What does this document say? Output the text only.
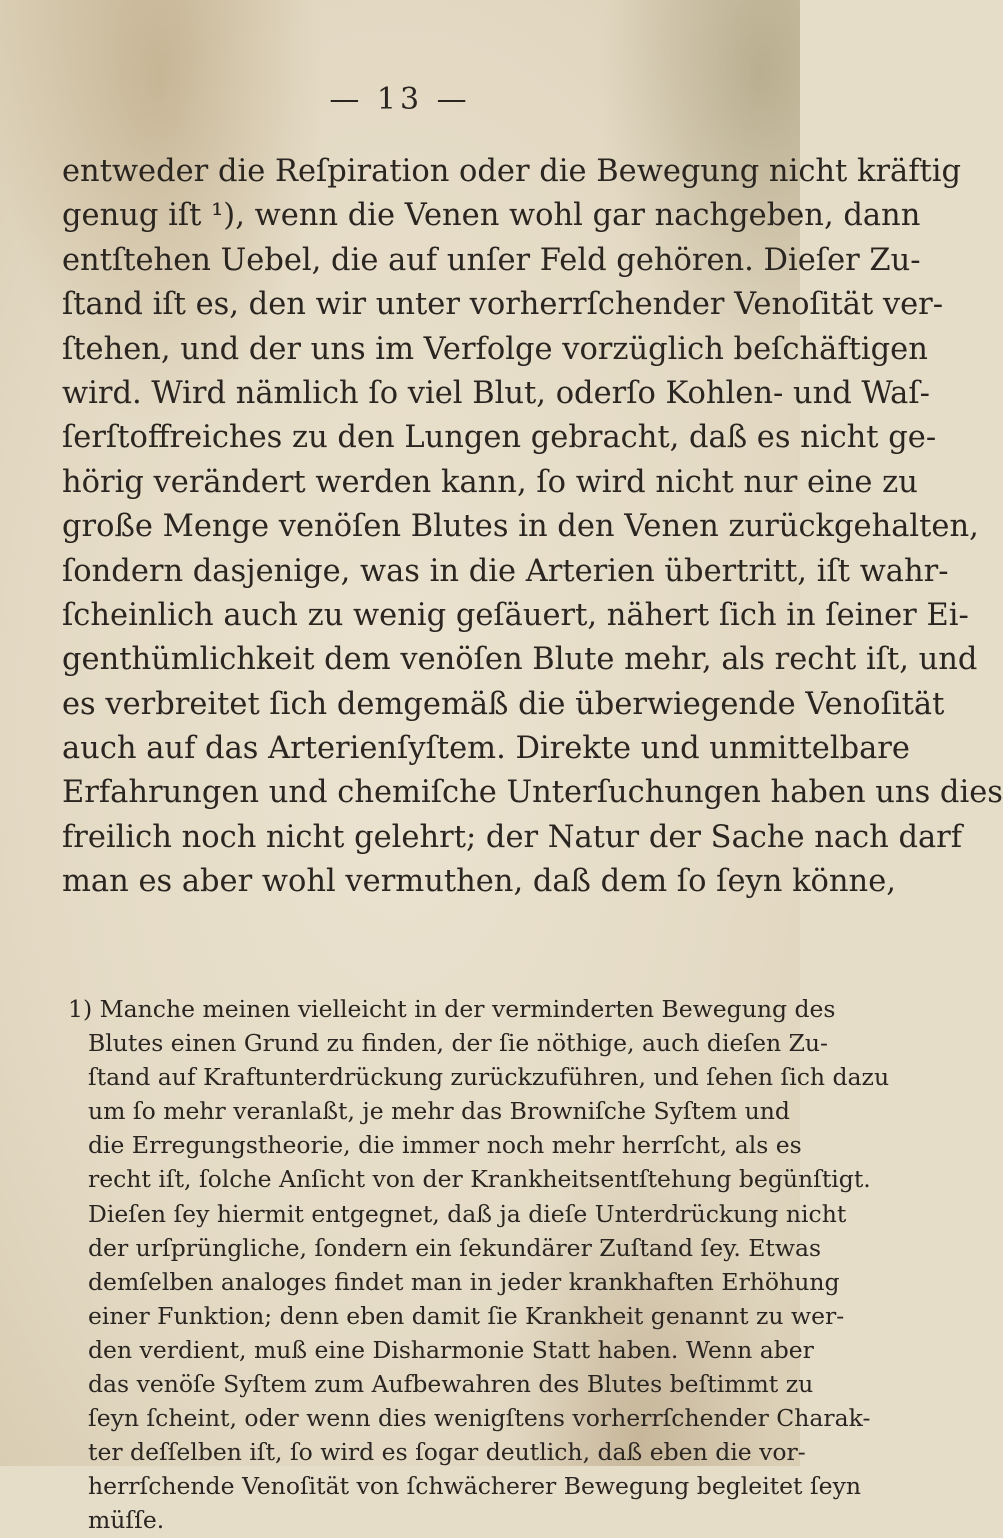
— 13 —
entweder die Reſpiration oder die Bewegung nicht kräftig
genug iſt ¹), wenn die Venen wohl gar nachgeben, dann
entſtehen Uebel, die auf unſer Feld gehören. Dieſer Zu-
ſtand iſt es, den wir unter vorherrſchender Venoſität ver-
ſtehen, und der uns im Verfolge vorzüglich beſchäftigen
wird. Wird nämlich ſo viel Blut, oderſo Kohlen- und Waſ-
ſerſtoffreiches zu den Lungen gebracht, daß es nicht ge-
hörig verändert werden kann, ſo wird nicht nur eine zu
große Menge venöſen Blutes in den Venen zurückgehalten,
ſondern dasjenige, was in die Arterien übertritt, iſt wahr-
ſcheinlich auch zu wenig geſäuert, nähert ſich in ſeiner Ei-
genthümlichkeit dem venöſen Blute mehr, als recht iſt, und
es verbreitet ſich demgemäß die überwiegende Venoſität
auch auf das Arterienſyſtem. Direkte und unmittelbare
Erfahrungen und chemiſche Unterſuchungen haben uns dies
freilich noch nicht gelehrt; der Natur der Sache nach darf
man es aber wohl vermuthen, daß dem ſo ſeyn könne,
1) Manche meinen vielleicht in der verminderten Bewegung des
Blutes einen Grund zu finden, der ſie nöthige, auch dieſen Zu-
ſtand auf Kraftunterdrückung zurückzuführen, und ſehen ſich dazu
um ſo mehr veranlaßt, je mehr das Browniſche Syſtem und
die Erregungstheorie, die immer noch mehr herrſcht, als es
recht iſt, ſolche Anſicht von der Krankheitsentſtehung begünſtigt.
Dieſen ſey hiermit entgegnet, daß ja dieſe Unterdrückung nicht
der urſprüngliche, ſondern ein ſekundärer Zuſtand ſey. Etwas
demſelben analoges findet man in jeder krankhaften Erhöhung
einer Funktion; denn eben damit ſie Krankheit genannt zu wer-
den verdient, muß eine Disharmonie Statt haben. Wenn aber
das venöſe Syſtem zum Aufbewahren des Blutes beſtimmt zu
ſeyn ſcheint, oder wenn dies wenigſtens vorherrſchender Charak-
ter deſſelben iſt, ſo wird es ſogar deutlich, daß eben die vor-
herrſchende Venoſität von ſchwächerer Bewegung begleitet ſeyn
müſſe.
